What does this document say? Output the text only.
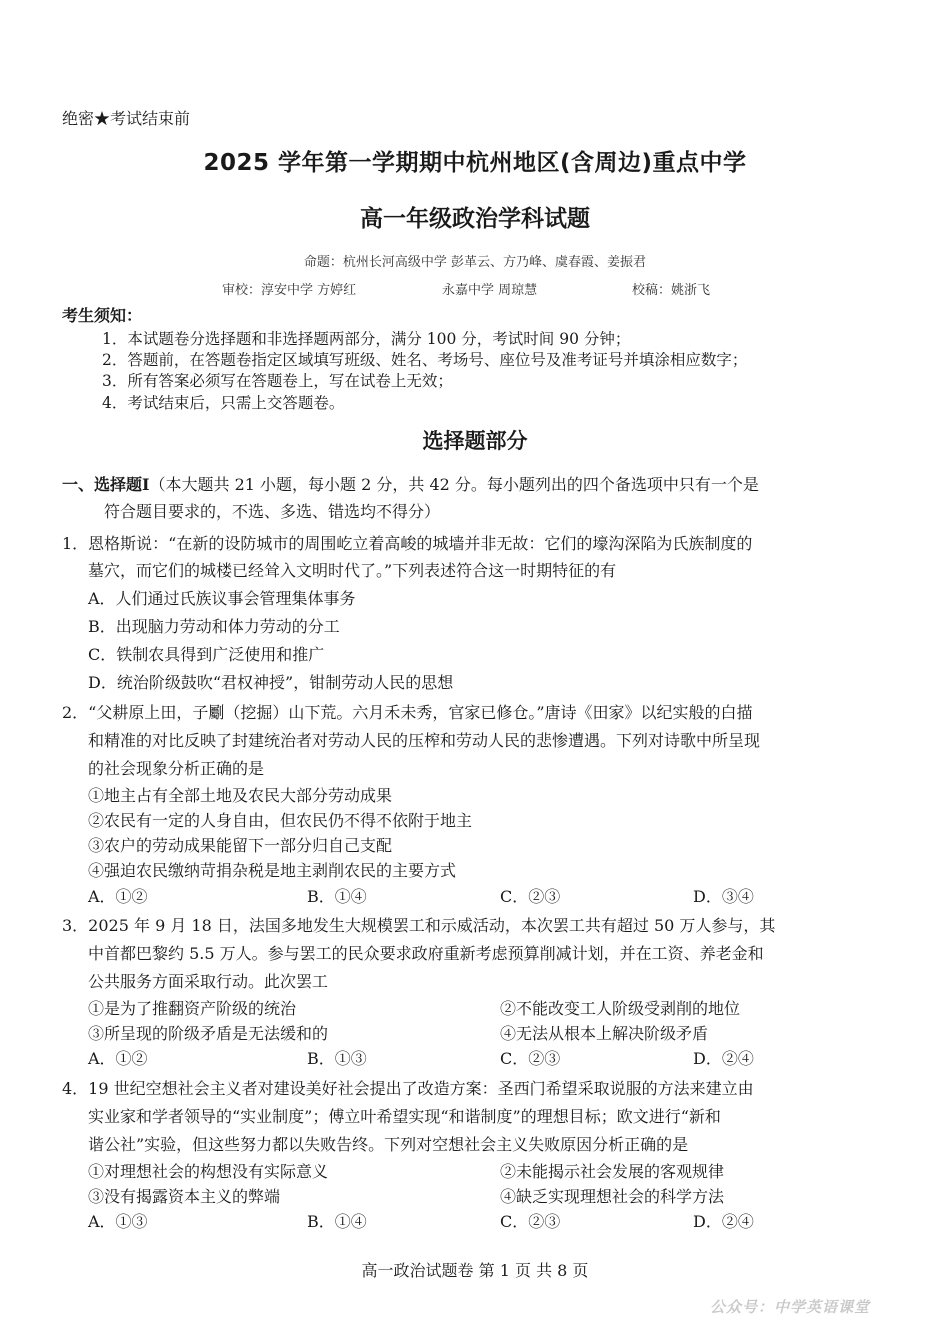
绝密★考试结束前
2025 学年第一学期期中杭州地区(含周边)重点中学
高一年级政治学科试题
命题：杭州长河高级中学 彭革云、方乃峰、虞春霞、姜振君
审校：淳安中学 方婷红	永嘉中学 周琼慧	校稿：姚浙飞
考生须知：
1．本试题卷分选择题和非选择题两部分，满分 100 分，考试时间 90 分钟；
2．答题前，在答题卷指定区域填写班级、姓名、考场号、座位号及准考证号并填涂相应数字；
3．所有答案必须写在答题卷上，写在试卷上无效；
4．考试结束后，只需上交答题卷。
选择题部分
一、选择题Ⅰ（本大题共 21 小题，每小题 2 分，共 42 分。每小题列出的四个备选项中只有一个是
符合题目要求的，不选、多选、错选均不得分）
1．恩格斯说：“在新的设防城市的周围屹立着高峻的城墙并非无故：它们的壕沟深陷为氏族制度的
墓穴，而它们的城楼已经耸入文明时代了。”下列表述符合这一时期特征的有
A．人们通过氏族议事会管理集体事务
B．出现脑力劳动和体力劳动的分工
C．铁制农具得到广泛使用和推广
D．统治阶级鼓吹“君权神授”，钳制劳动人民的思想
2．“父耕原上田，子劚（挖掘）山下荒。六月禾未秀，官家已修仓。”唐诗《田家》以纪实般的白描
和精准的对比反映了封建统治者对劳动人民的压榨和劳动人民的悲惨遭遇。下列对诗歌中所呈现
的社会现象分析正确的是
①地主占有全部土地及农民大部分劳动成果
②农民有一定的人身自由，但农民仍不得不依附于地主
③农户的劳动成果能留下一部分归自己支配
④强迫农民缴纳苛捐杂税是地主剥削农民的主要方式
A．①②	B．①④	C．②③	D．③④
3．2025 年 9 月 18 日，法国多地发生大规模罢工和示威活动，本次罢工共有超过 50 万人参与，其
中首都巴黎约 5.5 万人。参与罢工的民众要求政府重新考虑预算削减计划，并在工资、养老金和
公共服务方面采取行动。此次罢工
①是为了推翻资产阶级的统治	②不能改变工人阶级受剥削的地位
③所呈现的阶级矛盾是无法缓和的	④无法从根本上解决阶级矛盾
A．①②	B．①③	C．②③	D．②④
4．19 世纪空想社会主义者对建设美好社会提出了改造方案：圣西门希望采取说服的方法来建立由
实业家和学者领导的“实业制度”；傅立叶希望实现“和谐制度”的理想目标；欧文进行“新和
谐公社”实验，但这些努力都以失败告终。下列对空想社会主义失败原因分析正确的是
①对理想社会的构想没有实际意义	②未能揭示社会发展的客观规律
③没有揭露资本主义的弊端	④缺乏实现理想社会的科学方法
A．①③	B．①④	C．②③	D．②④
高一政治试题卷 第 1 页 共 8 页
公众号：中学英语课堂
